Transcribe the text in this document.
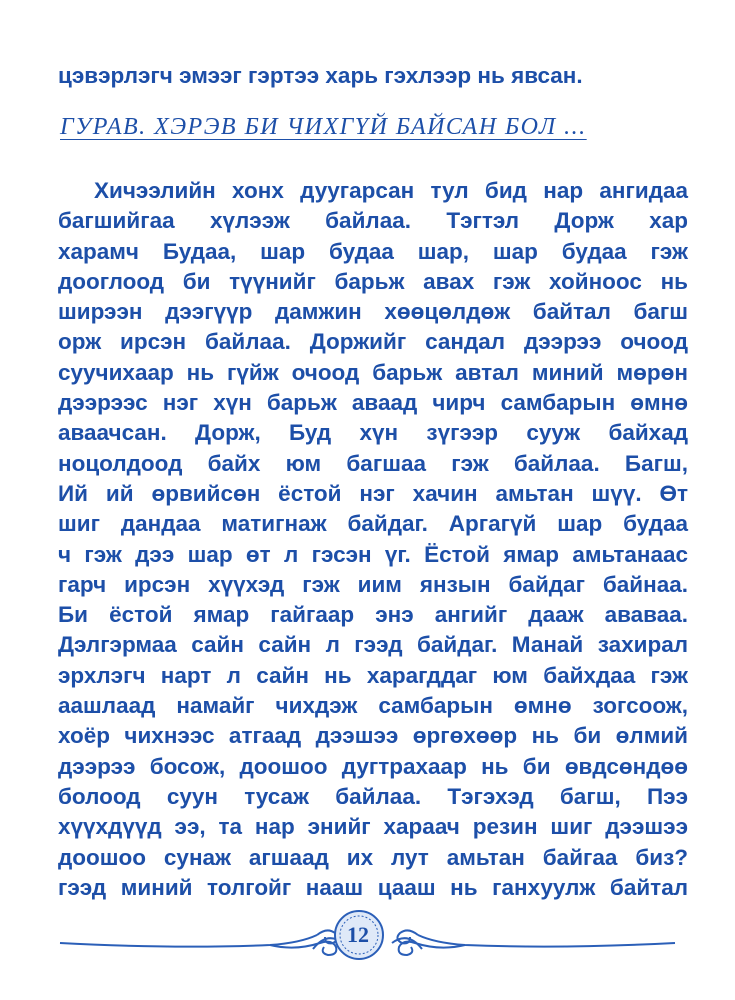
цэвэрлэгч эмээг гэртээ харь гэхлээр нь явсан.
ГУРАВ. ХЭРЭВ БИ ЧИХГҮЙ БАЙСАН БОЛ ...
Хичээлийн хонх дуугарсан тул бид нар ангидаа
багшийгаа хүлээж байлаа. Тэгтэл Дорж хар
харамч Будаа, шар будаа шар, шар будаа гэж
дооглоод би түүнийг барьж авах гэж хойноос нь
ширээн дээгүүр дамжин хөөцөлдөж байтал багш
орж ирсэн байлаа. Доржийг сандал дээрээ очоод
суучихаар нь гүйж очоод барьж автал миний мөрөн
дээрээс нэг хүн барьж аваад чирч самбарын өмнө
аваачсан. Дорж, Буд хүн зүгээр сууж байхад
ноцолдоод байх юм багшаа гэж байлаа. Багш,
Ий ий өрвийсөн ёстой нэг хачин амьтан шүү. Өт
шиг дандаа матигнаж байдаг. Аргагүй шар будаа
ч гэж дээ шар өт л гэсэн үг. Ёстой ямар амьтанаас
гарч ирсэн хүүхэд гэж иим янзын байдаг байнаа.
Би ёстой ямар гайгаар энэ ангийг дааж ававаа.
Дэлгэрмаа сайн сайн л гээд байдаг. Манай захирал
эрхлэгч нарт л сайн нь харагддаг юм байхдаа гэж
аашлаад намайг чихдэж самбарын өмнө зогсоож,
хоёр чихнээс атгаад дээшээ өргөхөөр нь би өлмий
дээрээ босож, доошоо дугтрахаар нь би өвдсөндөө
болоод суун тусаж байлаа. Тэгэхэд багш, Пээ
хүүхдүүд ээ, та нар энийг хараач резин шиг дээшээ
доошоо сунаж агшаад их лут амьтан байгаа биз?
гээд миний толгойг нааш цааш нь ганхуулж байтал
12
